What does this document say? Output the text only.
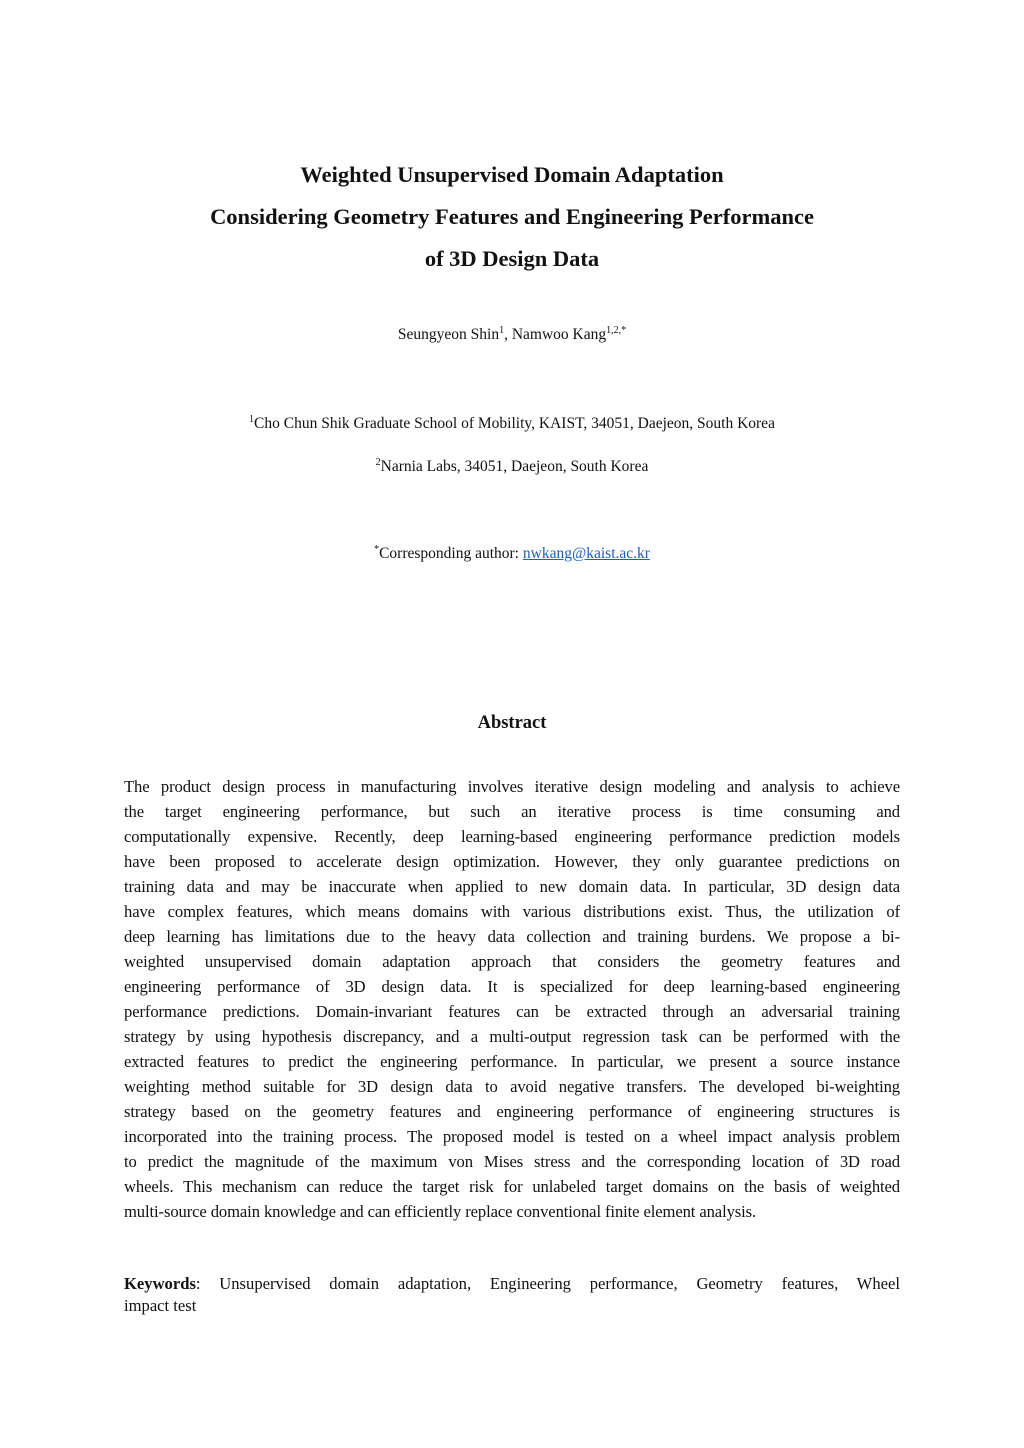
Weighted Unsupervised Domain Adaptation
Considering Geometry Features and Engineering Performance
of 3D Design Data
Seungyeon Shin$^1$, Namwoo Kang$^{1,2,*}$
$^1$Cho Chun Shik Graduate School of Mobility, KAIST, 34051, Daejeon, South Korea
$^2$Narnia Labs, 34051, Daejeon, South Korea
*Corresponding author: nwkang@kaist.ac.kr
Abstract
The product design process in manufacturing involves iterative design modeling and analysis to achieve
the target engineering performance, but such an iterative process is time consuming and
computationally expensive. Recently, deep learning-based engineering performance prediction models
have been proposed to accelerate design optimization. However, they only guarantee predictions on
training data and may be inaccurate when applied to new domain data. In particular, 3D design data
have complex features, which means domains with various distributions exist. Thus, the utilization of
deep learning has limitations due to the heavy data collection and training burdens. We propose a bi-
weighted unsupervised domain adaptation approach that considers the geometry features and
engineering performance of 3D design data. It is specialized for deep learning-based engineering
performance predictions. Domain-invariant features can be extracted through an adversarial training
strategy by using hypothesis discrepancy, and a multi-output regression task can be performed with the
extracted features to predict the engineering performance. In particular, we present a source instance
weighting method suitable for 3D design data to avoid negative transfers. The developed bi-weighting
strategy based on the geometry features and engineering performance of engineering structures is
incorporated into the training process. The proposed model is tested on a wheel impact analysis problem
to predict the magnitude of the maximum von Mises stress and the corresponding location of 3D road
wheels. This mechanism can reduce the target risk for unlabeled target domains on the basis of weighted
multi-source domain knowledge and can efficiently replace conventional finite element analysis.
Keywords: Unsupervised domain adaptation, Engineering performance, Geometry features, Wheel
impact test
